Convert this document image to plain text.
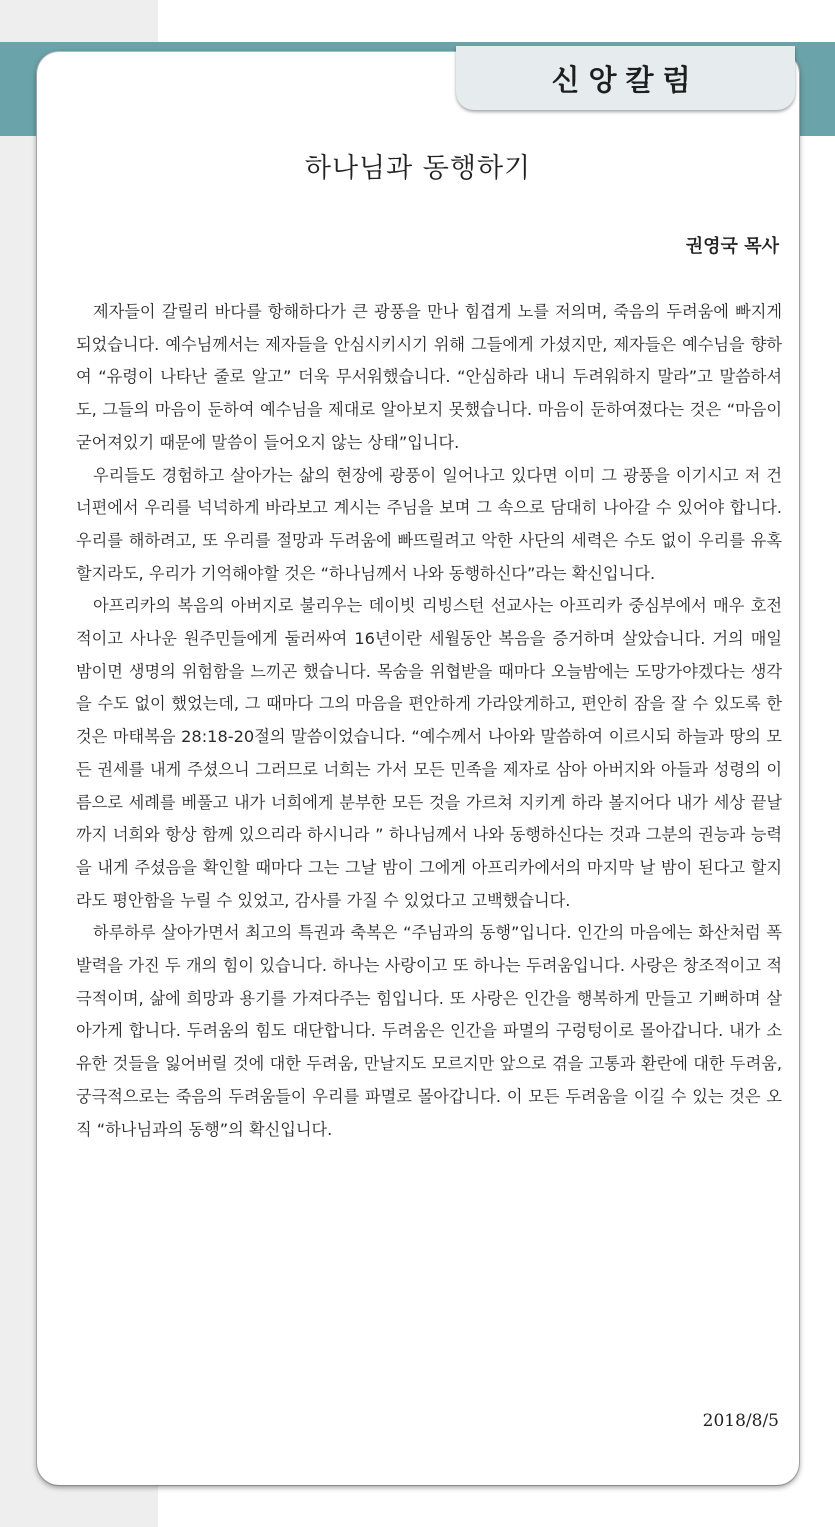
신앙칼럼
하나님과 동행하기
권영국 목사

제자들이 갈릴리 바다를 항해하다가 큰 광풍을 만나 힘겹게 노를 저의며, 죽음의 두려움에 빠지게 되었습니다. 예수님께서는 제자들을 안심시키시기 위해 그들에게 가셨지만, 제자들은 예수님을 향하여 “유령이 나타난 줄로 알고” 더욱 무서워했습니다. “안심하라 내니 두려워하지 말라”고 말씀하셔도, 그들의 마음이 둔하여 예수님을 제대로 알아보지 못했습니다. 마음이 둔하여졌다는 것은 “마음이 굳어져있기 때문에 말씀이 들어오지 않는 상태”입니다.

우리들도 경험하고 살아가는 삶의 현장에 광풍이 일어나고 있다면 이미 그 광풍을 이기시고 저 건너편에서 우리를 넉넉하게 바라보고 계시는 주님을 보며 그 속으로 담대히 나아갈 수 있어야 합니다. 우리를 해하려고, 또 우리를 절망과 두려움에 빠뜨릴려고 악한 사단의 세력은 수도 없이 우리를 유혹할지라도, 우리가 기억해야할 것은 “하나님께서 나와 동행하신다”라는 확신입니다.

아프리카의 복음의 아버지로 불리우는 데이빗 리빙스턴 선교사는 아프리카 중심부에서 매우 호전적이고 사나운 원주민들에게 둘러싸여 16년이란 세월동안 복음을 증거하며 살았습니다. 거의 매일 밤이면 생명의 위험함을 느끼곤 했습니다. 목숨을 위협받을 때마다 오늘밤에는 도망가야겠다는 생각을 수도 없이 했었는데, 그 때마다 그의 마음을 편안하게 가라앉게하고, 편안히 잠을 잘 수 있도록 한 것은 마태복음 28:18-20절의 말씀이었습니다. “예수께서 나아와 말씀하여 이르시되 하늘과 땅의 모든 권세를 내게 주셨으니 그러므로 너희는 가서 모든 민족을 제자로 삼아 아버지와 아들과 성령의 이름으로 세례를 베풀고 내가 너희에게 분부한 모든 것을 가르쳐 지키게 하라 볼지어다 내가 세상 끝날까지 너희와 항상 함께 있으리라 하시니라 ” 하나님께서 나와 동행하신다는 것과 그분의 권능과 능력을 내게 주셨음을 확인할 때마다 그는 그날 밤이 그에게 아프리카에서의 마지막 날 밤이 된다고 할지라도 평안함을 누릴 수 있었고, 감사를 가질 수 있었다고 고백했습니다.

하루하루 살아가면서 최고의 특권과 축복은 “주님과의 동행”입니다. 인간의 마음에는 화산처럼 폭발력을 가진 두 개의 힘이 있습니다. 하나는 사랑이고 또 하나는 두려움입니다. 사랑은 창조적이고 적극적이며, 삶에 희망과 용기를 가져다주는 힘입니다. 또 사랑은 인간을 행복하게 만들고 기뻐하며 살아가게 합니다. 두려움의 힘도 대단합니다. 두려움은 인간을 파멸의 구렁텅이로 몰아갑니다. 내가 소유한 것들을 잃어버릴 것에 대한 두려움, 만날지도 모르지만 앞으로 겪을 고통과 환란에 대한 두려움, 궁극적으로는 죽음의 두려움들이 우리를 파멸로 몰아갑니다. 이 모든 두려움을 이길 수 있는 것은 오직 “하나님과의 동행”의 확신입니다.

2018/8/5
